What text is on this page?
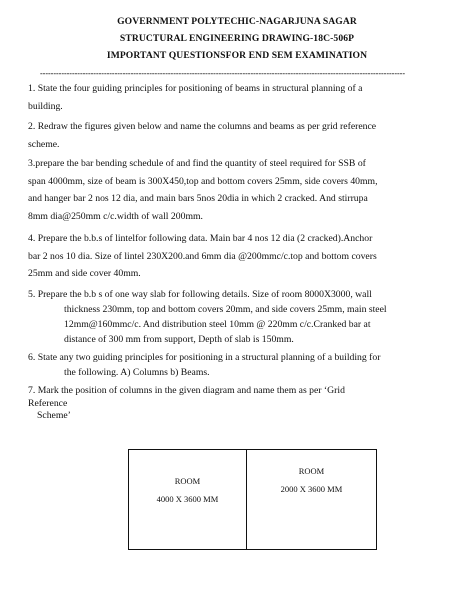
GOVERNMENT POLYTECHIC-NAGARJUNA SAGAR
STRUCTURAL ENGINEERING DRAWING-18C-506P
IMPORTANT QUESTIONSFOR END SEM EXAMINATION
-----------------------------------------------------------------------------------------------------------------------------------------
1. State the four guiding principles for positioning of beams in structural planning of a
building.
2. Redraw the figures given below and name the columns and beams as per grid reference
scheme.
3.prepare the bar bending schedule of and find the quantity of steel required for SSB of
span 4000mm, size of beam is 300X450,top and bottom covers 25mm, side covers 40mm,
and hanger bar 2 nos 12 dia, and main bars 5nos 20dia in which 2 cracked. And stirrupa
8mm dia@250mm c/c.width of wall 200mm.
4. Prepare the b.b.s of lintelfor following data. Main bar 4 nos 12 dia (2 cracked).Anchor
bar 2 nos 10 dia. Size of lintel 230X200.and 6mm dia @200mmc/c.top and bottom covers
25mm and side cover 40mm.
5. Prepare the b.b s of one way slab for following details. Size of room 8000X3000, wall
thickness 230mm, top and bottom covers 20mm, and side covers 25mm, main steel
12mm@160mmc/c. And distribution steel 10mm @ 220mm c/c.Cranked bar at
distance of 300 mm from support, Depth of slab is 150mm.
6. State any two guiding principles for positioning in a structural planning of a building for
the following. A) Columns b) Beams.
7. Mark the position of columns in the given diagram and name them as per ‘Grid
Reference
Scheme’
ROOM
4000 X 3600 MM
ROOM
2000 X 3600 MM
